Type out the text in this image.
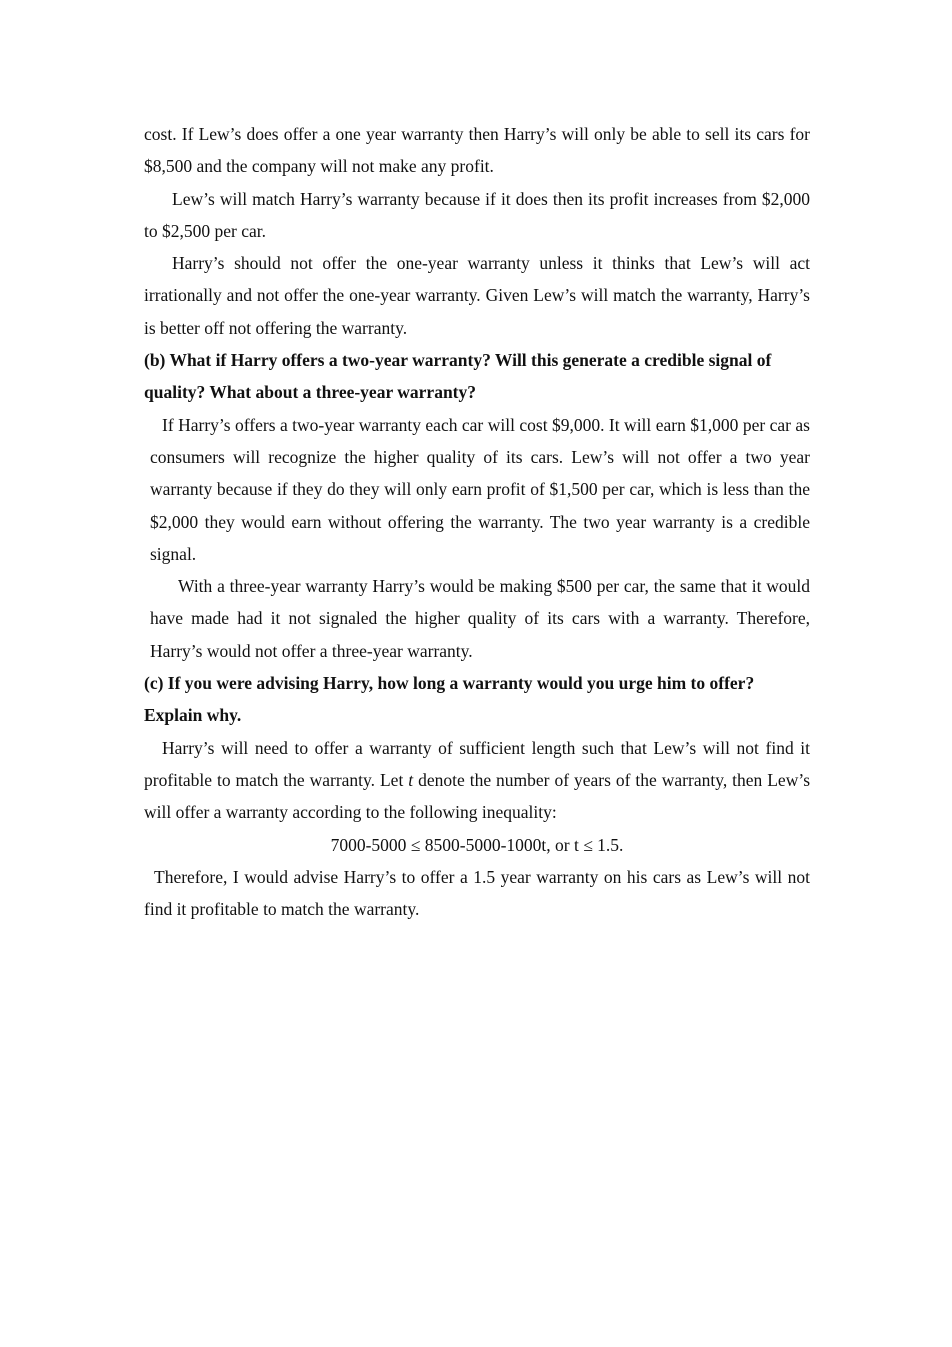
cost. If Lew’s does offer a one year warranty then Harry’s will only be able to sell its cars for $8,500 and the company will not make any profit.

Lew’s will match Harry’s warranty because if it does then its profit increases from $2,000 to $2,500 per car.

Harry’s should not offer the one-year warranty unless it thinks that Lew’s will act irrationally and not offer the one-year warranty. Given Lew’s will match the warranty, Harry’s is better off not offering the warranty.

(b) What if Harry offers a two-year warranty? Will this generate a credible signal of quality? What about a three-year warranty?

If Harry’s offers a two-year warranty each car will cost $9,000. It will earn $1,000 per car as consumers will recognize the higher quality of its cars. Lew’s will not offer a two year warranty because if they do they will only earn profit of $1,500 per car, which is less than the $2,000 they would earn without offering the warranty. The two year warranty is a credible signal.

With a three-year warranty Harry’s would be making $500 per car, the same that it would have made had it not signaled the higher quality of its cars with a warranty. Therefore, Harry’s would not offer a three-year warranty.

(c) If you were advising Harry, how long a warranty would you urge him to offer? Explain why.

Harry’s will need to offer a warranty of sufficient length such that Lew’s will not find it profitable to match the warranty. Let t denote the number of years of the warranty, then Lew’s will offer a warranty according to the following inequality:

7000-5000 ≤ 8500-5000-1000t, or t ≤ 1.5.

Therefore, I would advise Harry’s to offer a 1.5 year warranty on his cars as Lew’s will not find it profitable to match the warranty.
